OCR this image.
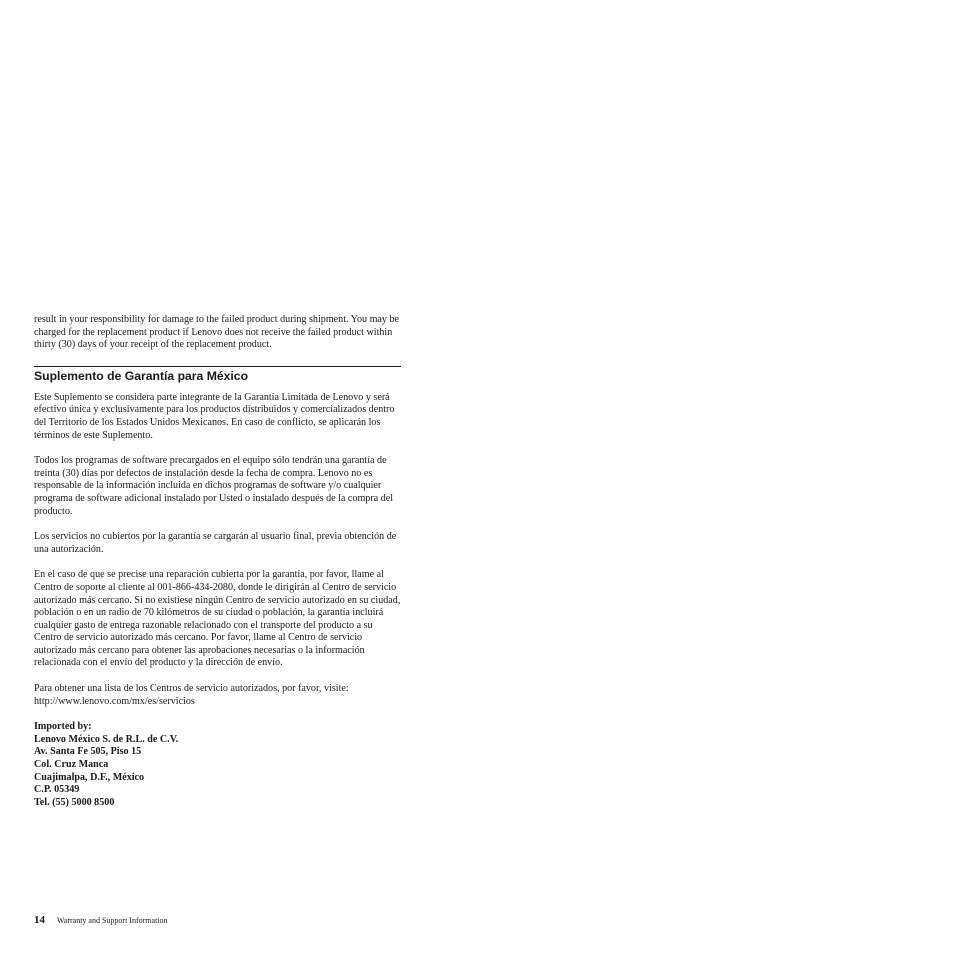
result in your responsibility for damage to the failed product during shipment. You may be charged for the replacement product if Lenovo does not receive the failed product within thirty (30) days of your receipt of the replacement product.

Suplemento de Garantía para México

Este Suplemento se considera parte integrante de la Garantía Limitada de Lenovo y será efectivo única y exclusivamente para los productos distribuidos y comercializados dentro del Territorio de los Estados Unidos Mexicanos. En caso de conflicto, se aplicarán los términos de este Suplemento.

Todos los programas de software precargados en el equipo sólo tendrán una garantía de treinta (30) días por defectos de instalación desde la fecha de compra. Lenovo no es responsable de la información incluida en dichos programas de software y/o cualquier programa de software adicional instalado por Usted o instalado después de la compra del producto.

Los servicios no cubiertos por la garantía se cargarán al usuario final, previa obtención de una autorización.

En el caso de que se precise una reparación cubierta por la garantía, por favor, llame al Centro de soporte al cliente al 001-866-434-2080, donde le dirigirán al Centro de servicio autorizado más cercano. Si no existiese ningún Centro de servicio autorizado en su ciudad, población o en un radio de 70 kilómetros de su ciudad o población, la garantía incluirá cualquier gasto de entrega razonable relacionado con el transporte del producto a su Centro de servicio autorizado más cercano. Por favor, llame al Centro de servicio autorizado más cercano para obtener las aprobaciones necesarias o la información relacionada con el envío del producto y la dirección de envío.

Para obtener una lista de los Centros de servicio autorizados, por favor, visite: http://www.lenovo.com/mx/es/servicios

Imported by:
Lenovo México S. de R.L. de C.V.
Av. Santa Fe 505, Piso 15
Col. Cruz Manca
Cuajimalpa, D.F., México
C.P. 05349
Tel. (55) 5000 8500
14 Warranty and Support Information
